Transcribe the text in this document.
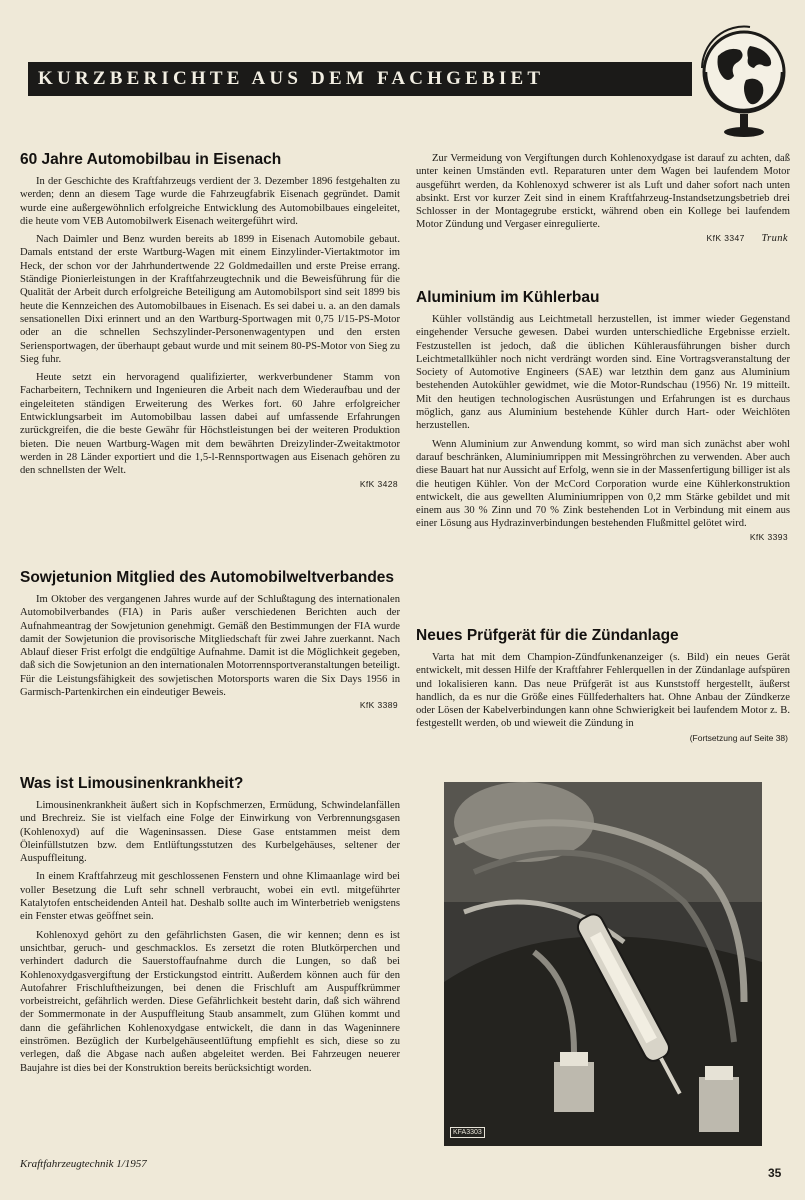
KURZBERICHTE AUS DEM FACHGEBIET
60 Jahre Automobilbau in Eisenach

In der Geschichte des Kraftfahrzeugs verdient der 3. Dezember 1896 festgehalten zu werden; denn an diesem Tage wurde die Fahrzeugfabrik Eisenach gegründet. Damit wurde eine außergewöhnlich erfolgreiche Entwicklung des Automobilbaues eingeleitet, die heute vom VEB Automobilwerk Eisenach weitergeführt wird.

Nach Daimler und Benz wurden bereits ab 1899 in Eisenach Automobile gebaut. Damals entstand der erste Wartburg-Wagen mit einem Einzylinder-Viertaktmotor im Heck, der schon vor der Jahrhundertwende 22 Goldmedaillen und erste Preise errang. Ständige Pionierleistungen in der Kraftfahrzeugtechnik und die Beweisführung für die Qualität der Arbeit durch erfolgreiche Beteiligung am Automobilsport sind seit 1899 bis heute die Kennzeichen des Automobilbaues in Eisenach. Es sei dabei u. a. an den damals sensationellen Dixi erinnert und an den Wartburg-Sportwagen mit 0,75 l/15-PS-Motor oder an die schnellen Sechszylinder-Personenwagentypen und den ersten Seriensportwagen, der überhaupt gebaut wurde und mit seinem 80-PS-Motor von Sieg zu Sieg fuhr.

Heute setzt ein hervoragend qualifizierter, werkverbundener Stamm von Facharbeitern, Technikern und Ingenieuren die Arbeit nach dem Wiederaufbau und der eingeleiteten ständigen Erweiterung des Werkes fort. 60 Jahre erfolgreicher Entwicklungsarbeit im Automobilbau lassen dabei auf umfassende Erfahrungen zurückgreifen, die die beste Gewähr für Höchstleistungen bei der weiteren Produktion bieten. Die neuen Wartburg-Wagen mit dem bewährten Dreizylinder-Zweitaktmotor werden in 28 Länder exportiert und die 1,5-l-Rennsportwagen aus Eisenach gehören zu den schnellsten der Welt.

KfK 3428
Sowjetunion Mitglied des Automobilweltverbandes

Im Oktober des vergangenen Jahres wurde auf der Schlußtagung des internationalen Automobilverbandes (FIA) in Paris außer verschiedenen Berichten auch der Aufnahmeantrag der Sowjetunion genehmigt. Gemäß den Bestimmungen der FIA wurde damit der Sowjetunion die provisorische Mitgliedschaft für zwei Jahre zuerkannt. Nach Ablauf dieser Frist erfolgt die endgültige Aufnahme. Damit ist die Möglichkeit gegeben, daß sich die Sowjetunion an den internationalen Motorrennsportveranstaltungen beteiligt. Für die Leistungsfähigkeit des sowjetischen Motorsports waren die Six Days 1956 in Garmisch-Partenkirchen ein eindeutiger Beweis.

KfK 3389
Was ist Limousinenkrankheit?

Limousinenkrankheit äußert sich in Kopfschmerzen, Ermüdung, Schwindelanfällen und Brechreiz. Sie ist vielfach eine Folge der Einwirkung von Verbrennungsgasen (Kohlenoxyd) auf die Wageninsassen. Diese Gase entstammen meist dem Öleinfüllstutzen bzw. dem Entlüftungsstutzen des Kurbelgehäuses, seltener der Auspuffleitung.

In einem Kraftfahrzeug mit geschlossenen Fenstern und ohne Klimaanlage wird bei voller Besetzung die Luft sehr schnell verbraucht, wobei ein evtl. mitgeführter Katalytofen entscheidenden Anteil hat. Deshalb sollte auch im Winterbetrieb wenigstens ein Fenster etwas geöffnet sein.

Kohlenoxyd gehört zu den gefährlichsten Gasen, die wir kennen; denn es ist unsichtbar, geruch- und geschmacklos. Es zersetzt die roten Blutkörperchen und verhindert dadurch die Sauerstoffaufnahme durch die Lungen, so daß bei Kohlenoxydgasvergiftung der Erstickungstod eintritt. Außerdem können auch für den Autofahrer Frischluftheizungen, bei denen die Frischluft am Auspuffkrümmer vorbeistreicht, gefährlich werden. Diese Gefährlichkeit besteht darin, daß sich während der Sommermonate in der Auspuffleitung Staub ansammelt, zum Glühen kommt und dann die gefährlichen Kohlenoxydgase entwickelt, die dann in das Wageninnere einströmen. Bezüglich der Kurbelgehäuseentlüftung empfiehlt es sich, diese so zu verlegen, daß die Abgase nach außen abgeleitet werden. Bei Fahrzeugen neuerer Baujahre ist dies bei der Konstruktion bereits berücksichtigt worden.

Zur Vermeidung von Vergiftungen durch Kohlenoxydgase ist darauf zu achten, daß unter keinen Umständen evtl. Reparaturen unter dem Wagen bei laufendem Motor ausgeführt werden, da Kohlenoxyd schwerer ist als Luft und daher sofort nach unten absinkt. Erst vor kurzer Zeit sind in einem Kraftfahrzeug-Instandsetzungsbetrieb drei Schlosser in der Montagegrube erstickt, während oben ein Kollege bei laufendem Motor Zündung und Vergaser einregulierte.

KfK 3347 Trunk
Aluminium im Kühlerbau

Kühler vollständig aus Leichtmetall herzustellen, ist immer wieder Gegenstand eingehender Versuche gewesen. Dabei wurden unterschiedliche Ergebnisse erzielt. Festzustellen ist jedoch, daß die üblichen Kühlerausführungen bisher durch Leichtmetallkühler noch nicht verdrängt worden sind. Eine Vortragsveranstaltung der Society of Automotive Engineers (SAE) war letzthin dem ganz aus Aluminium bestehenden Autokühler gewidmet, wie die Motor-Rundschau (1956) Nr. 19 mitteilt. Mit den heutigen technologischen Ausrüstungen und Erfahrungen ist es durchaus möglich, ganz aus Aluminium bestehende Kühler durch Hart- oder Weichlöten herzustellen.

Wenn Aluminium zur Anwendung kommt, so wird man sich zunächst aber wohl darauf beschränken, Aluminiumrippen mit Messingröhrchen zu verwenden. Aber auch diese Bauart hat nur Aussicht auf Erfolg, wenn sie in der Massenfertigung billiger ist als die heutigen Kühler. Von der McCord Corporation wurde eine Kühlerkonstruktion entwickelt, die aus gewellten Aluminiumrippen von 0,2 mm Stärke gebildet und mit einem aus 30 % Zinn und 70 % Zink bestehenden Lot in Verbindung mit einem aus einer Lösung aus Hydrazinverbindungen bestehenden Flußmittel gelötet wird.

KfK 3393
Neues Prüfgerät für die Zündanlage

Varta hat mit dem Champion-Zündfunkenanzeiger (s. Bild) ein neues Gerät entwickelt, mit dessen Hilfe der Kraftfahrer Fehlerquellen in der Zündanlage aufspüren und lokalisieren kann. Das neue Prüfgerät ist aus Kunststoff hergestellt, äußerst handlich, da es nur die Größe eines Füllfederhalters hat. Ohne Anbau der Zündkerze oder Lösen der Kabelverbindungen kann ohne Schwierigkeit bei laufendem Motor z. B. festgestellt werden, ob und wieweit die Zündung in

(Fortsetzung auf Seite 38)
KFA3303
Kraftfahrzeugtechnik 1/1957
35
